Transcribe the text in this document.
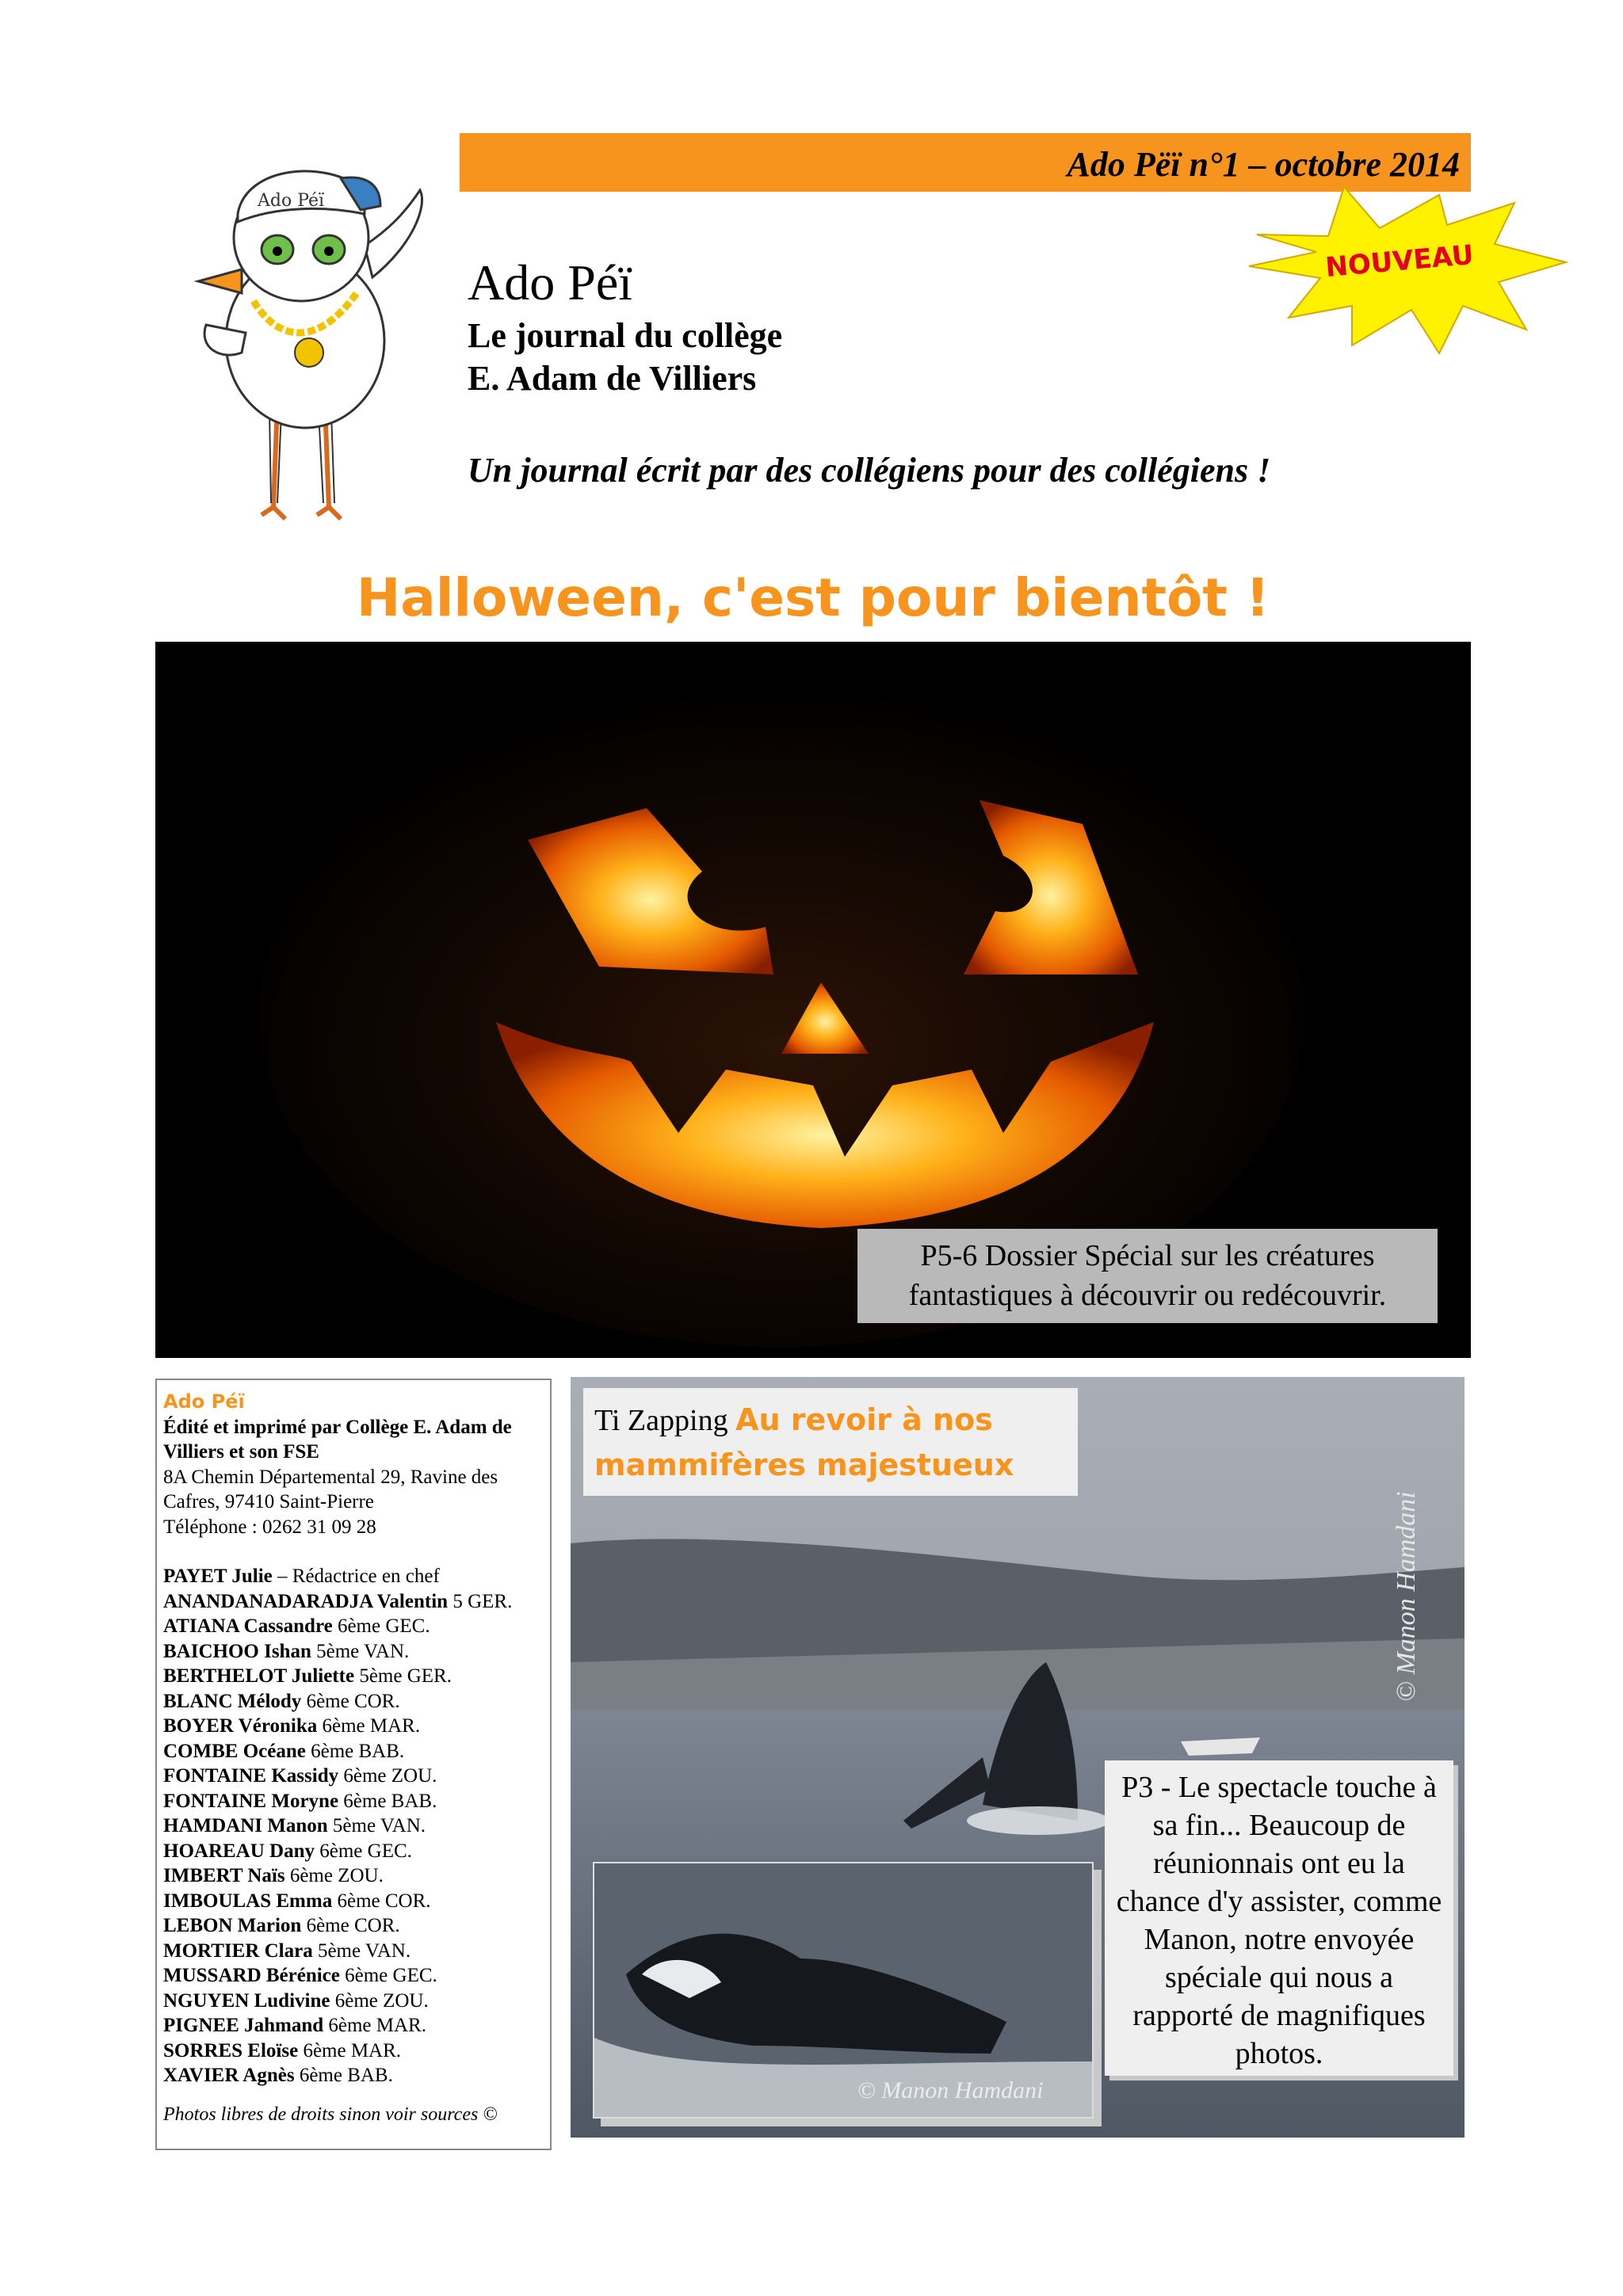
Ado Pëï n°1 – octobre 2014
Ado Péï
Ado Péï
Le journal du collège
E. Adam de Villiers
Un journal écrit par des collégiens pour des collégiens !
NOUVEAU
Halloween, c'est pour bientôt !
P5-6 Dossier Spécial sur les créatures
fantastiques à découvrir ou redécouvrir.
Ado Péï
Édité et imprimé par Collège E. Adam de Villiers et son FSE
8A Chemin Départemental 29, Ravine des Cafres, 97410 Saint-Pierre
Téléphone : 0262 31 09 28
PAYET Julie – Rédactrice en chef
ANANDANADARADJA Valentin 5 GER.
ATIANA Cassandre 6ème GEC.
BAICHOO Ishan 5ème VAN.
BERTHELOT Juliette 5ème GER.
BLANC Mélody 6ème COR.
BOYER Véronika 6ème MAR.
COMBE Océane 6ème BAB.
FONTAINE Kassidy 6ème ZOU.
FONTAINE Moryne 6ème BAB.
HAMDANI Manon 5ème VAN.
HOAREAU Dany 6ème GEC.
IMBERT Naïs 6ème ZOU.
IMBOULAS Emma 6ème COR.
LEBON Marion 6ème COR.
MORTIER Clara 5ème VAN.
MUSSARD Bérénice 6ème GEC.
NGUYEN Ludivine 6ème ZOU.
PIGNEE Jahmand 6ème MAR.
SORRES Eloïse 6ème MAR.
XAVIER Agnès 6ème BAB.
Photos libres de droits sinon voir sources ©
© Manon Hamdani
Ti Zapping Au revoir à nos mammifères majestueux
© Manon Hamdani
P3 - Le spectacle touche à sa fin... Beaucoup de réunionnais ont eu la chance d'y assister, comme Manon, notre envoyée spéciale qui nous a rapporté de magnifiques photos.
